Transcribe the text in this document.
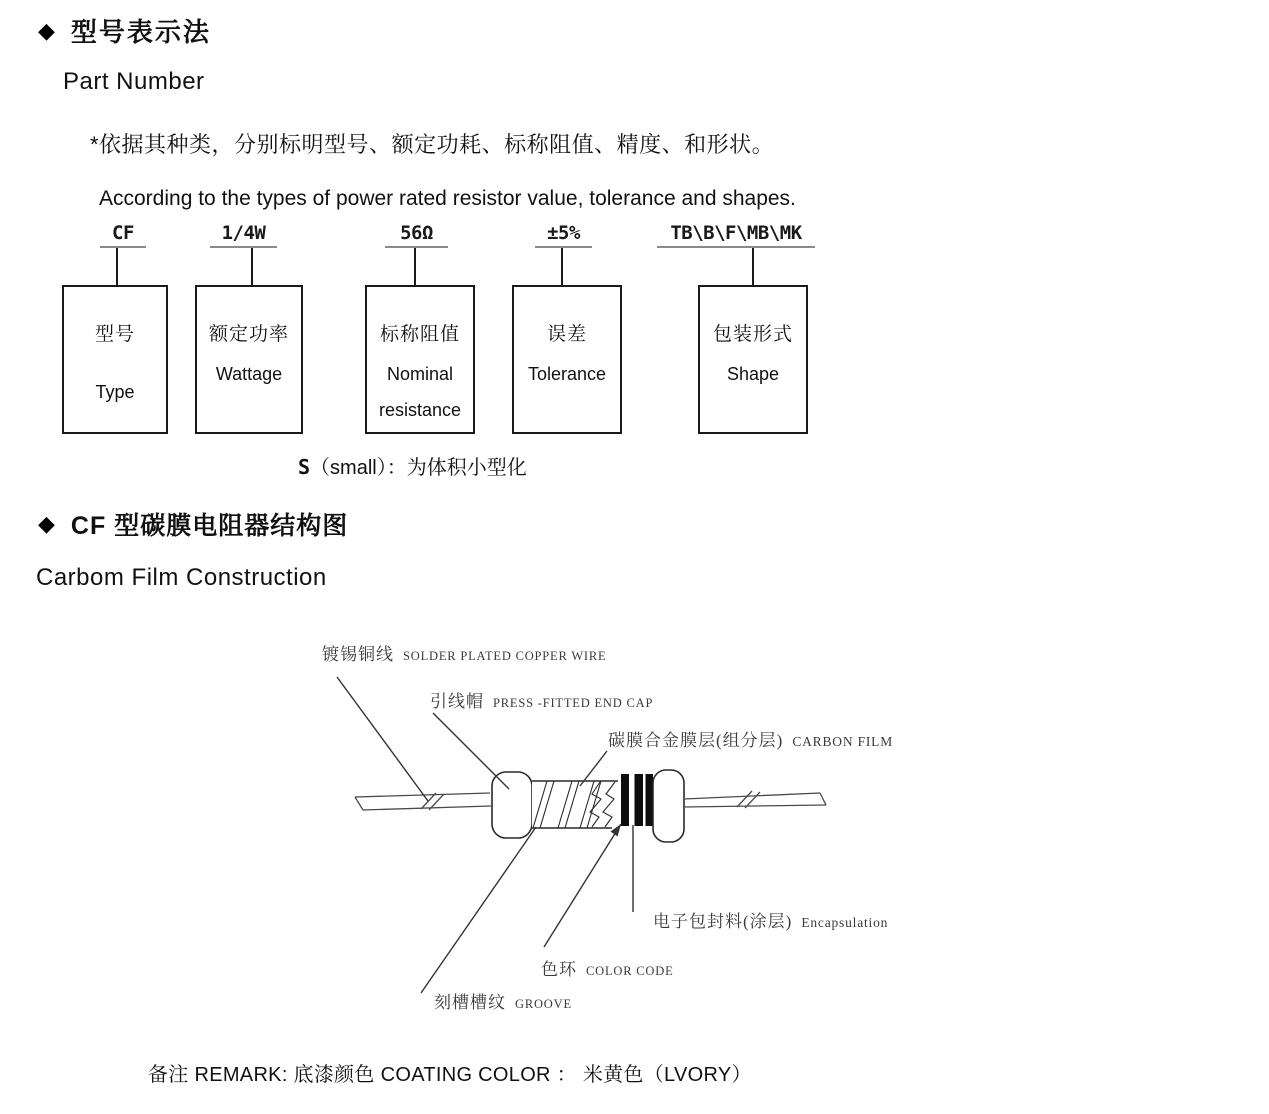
◆ 型号表示法
Part Number
*依据其种类，分别标明型号、额定功耗、标称阻值、精度、和形状。
According to the types of power rated resistor value, tolerance and shapes.
CF	1/4W	56Ω	±5%	TB\B\F\MB\MK
型号
Type
额定功率
Wattage
标称阻值
Nominal
resistance
误差
Tolerance
包装形式
Shape
S（small）：为体积小型化
◆ CF 型碳膜电阻器结构图
Carbom Film Construction
镀锡铜线 SOLDER PLATED COPPER WIRE
引线帽 PRESS -FITTED END CAP
碳膜合金膜层(组分层) CARBON FILM
电子包封料(涂层) Encapsulation
色环 COLOR CODE
刻槽槽纹 GROOVE
备注 REMARK: 底漆颜色 COATING COLOR ： 米黄色（LVORY）
